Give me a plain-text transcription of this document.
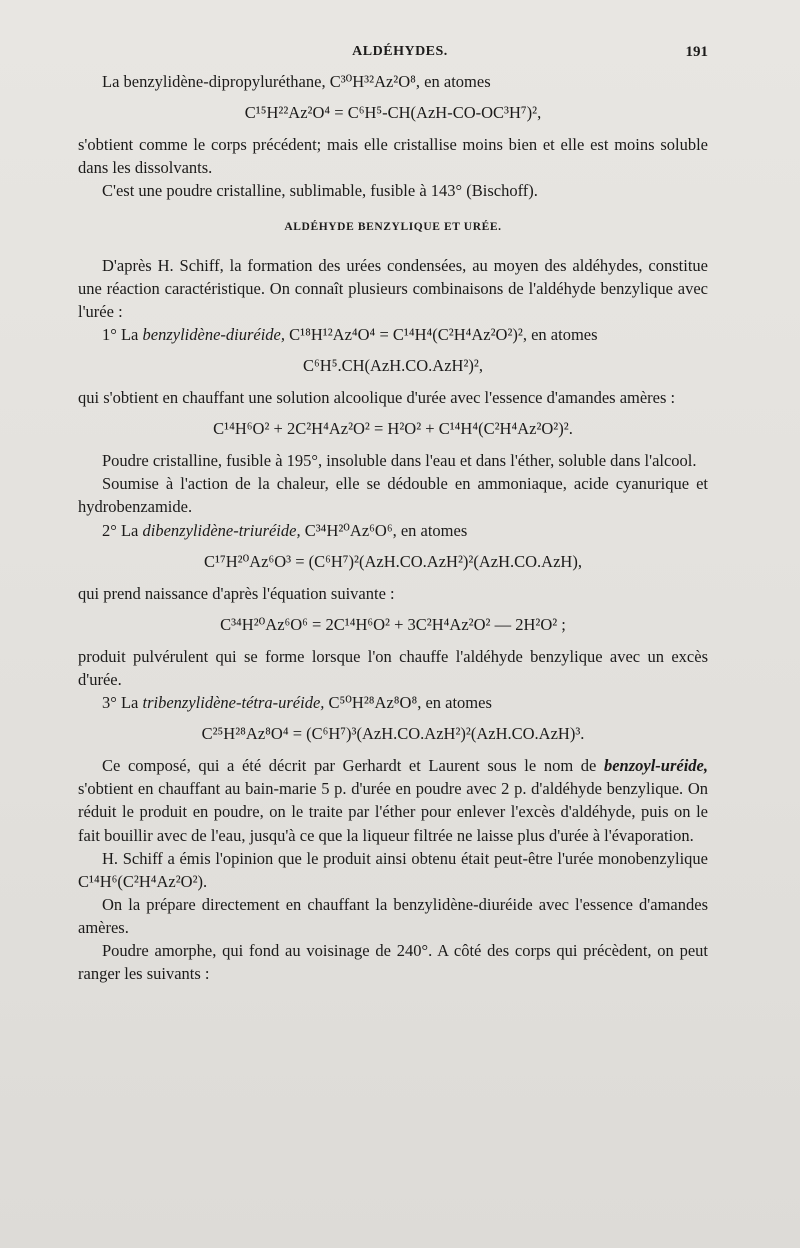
ALDÉHYDES.	191

La benzylidène-dipropyluréthane, C³⁰H³²Az²O⁸, en atomes

C¹⁵H²²Az²O⁴ = C⁶H⁵-CH(AzH-CO-OC³H⁷)²,

s'obtient comme le corps précédent; mais elle cristallise moins bien et elle est moins soluble dans les dissolvants.

C'est une poudre cristalline, sublimable, fusible à 143° (Bischoff).

ALDÉHYDE BENZYLIQUE ET URÉE.

D'après H. Schiff, la formation des urées condensées, au moyen des aldéhydes, constitue une réaction caractéristique. On connaît plusieurs combinaisons de l'aldéhyde benzylique avec l'urée :

1° La benzylidène-diuréide, C¹⁸H¹²Az⁴O⁴ = C¹⁴H⁴(C²H⁴Az²O²)², en atomes

C⁶H⁵.CH(AzH.CO.AzH²)²,

qui s'obtient en chauffant une solution alcoolique d'urée avec l'essence d'amandes amères :

C¹⁴H⁶O² + 2C²H⁴Az²O² = H²O² + C¹⁴H⁴(C²H⁴Az²O²)².

Poudre cristalline, fusible à 195°, insoluble dans l'eau et dans l'éther, soluble dans l'alcool.

Soumise à l'action de la chaleur, elle se dédouble en ammoniaque, acide cyanurique et hydrobenzamide.

2° La dibenzylidène-triuréide, C³⁴H²⁰Az⁶O⁶, en atomes

C¹⁷H²⁰Az⁶O³ = (C⁶H⁷)²(AzH.CO.AzH²)²(AzH.CO.AzH),

qui prend naissance d'après l'équation suivante :

C³⁴H²⁰Az⁶O⁶ = 2C¹⁴H⁶O² + 3C²H⁴Az²O² — 2H²O² ;

produit pulvérulent qui se forme lorsque l'on chauffe l'aldéhyde benzylique avec un excès d'urée.

3° La tribenzylidène-tétra-uréide, C⁵⁰H²⁸Az⁸O⁸, en atomes

C²⁵H²⁸Az⁸O⁴ = (C⁶H⁷)³(AzH.CO.AzH²)²(AzH.CO.AzH)³.

Ce composé, qui a été décrit par Gerhardt et Laurent sous le nom de benzoyl-uréide, s'obtient en chauffant au bain-marie 5 p. d'urée en poudre avec 2 p. d'aldéhyde benzylique. On réduit le produit en poudre, on le traite par l'éther pour enlever l'excès d'aldéhyde, puis on le fait bouillir avec de l'eau, jusqu'à ce que la liqueur filtrée ne laisse plus d'urée à l'évaporation.

H. Schiff a émis l'opinion que le produit ainsi obtenu était peut-être l'urée monobenzylique C¹⁴H⁶(C²H⁴Az²O²).

On la prépare directement en chauffant la benzylidène-diuréide avec l'essence d'amandes amères.

Poudre amorphe, qui fond au voisinage de 240°. A côté des corps qui précèdent, on peut ranger les suivants :
